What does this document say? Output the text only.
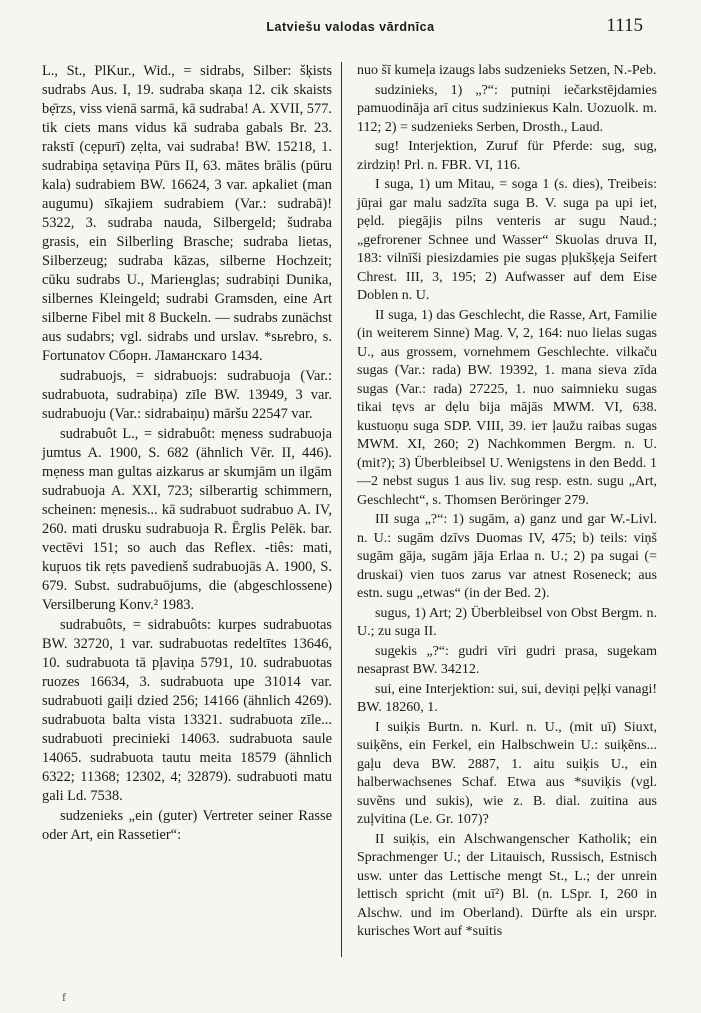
Latviešu valodas vārdnīca	1115

L., St., PlKur., Wid., = sidrabs, Silber: šķists sudrabs Aus. I, 19. sudraba skaņa 12. cik skaists bẹ̄rzs, viss vienā sarmā, kā sudraba! A. XVII, 577. tik ciets mans vidus kā sudraba gabals Br. 23. rakstī (cẹpurī) zẹlta, vai sudraba! BW. 15218, 1. sudrabiņa sẹtaviņa Pūrs II, 63. mātes brālis (pūru kala) sudrabiem BW. 16624, 3 var. apkaliet (man augumu) sīkajiem sudrabiem (Var.: sudrabā)! 5322, 3. sudraba nauda, Silbergeld; šudraba grasis, ein Silberling Brasche; sudraba lietas, Silberzeug; sudraba kāzas, silberne Hochzeit; cūku sudrabs U., Mariенglas; sudrabiņi Dunika, silbernes Kleingeld; sudrabi Gramsden, eine Art silberne Fibel mit 8 Buckeln. — sudrabs zunächst aus sudabrs; vgl. sidrabs und urslav. *sьrebro, s. Fortunatov Сборн. Ламанскаго 1434.

sudrabuojs, = sidrabuojs: sudrabuoja (Var.: sudrabuota, sudrabiņa) zīle BW. 13949, 3 var. sudrabuoju (Var.: sidrabaiņu) māršu 22547 var.

sudrabuôt L., = sidrabuôt: mẹness sudrabuoja jumtus A. 1900, S. 682 (ähnlich Vēr. II, 446). mẹness man gultas aizkarus ar skumjām un ilgām sudrabuoja A. XXI, 723; silberartig schimmern, scheinen: mẹnesis... kā sudrabuot sudrabuo A. IV, 260. mati drusku sudrabuoja R. Ērglis Pelēk. bar. vectēvi 151; so auch das Reflex. -tiês: mati, kuŗuos tik rẹts pavedienš sudrabuojās A. 1900, S. 679. Subst. sudrabuōjums, die (abgeschlossene) Versilberung Konv.² 1983.

sudrabuôts, = sidrabuôts: kurpes sudrabuotas BW. 32720, 1 var. sudrabuotas redeltītes 13646, 10. sudrabuota tā pļaviņa 5791, 10. sudrabuotas ruozes 16634, 3. sudrabuota upe 31014 var. sudrabuoti gaiļi dzied 256; 14166 (ähnlich 4269). sudrabuota balta vista 13321. sudrabuota zīle... sudrabuoti precinieki 14063. sudrabuota saule 14065. sudrabuota tautu meita 18579 (ähnlich 6322; 11368; 12302, 4; 32879). sudrabuoti matu gali Ld. 7538.

sudzenieks „ein (guter) Vertreter seiner Rasse oder Art, ein Rassetier“:

nuo šī kumeļa izaugs labs sudzenieks Setzen, N.-Peb.

sudzinieks, 1) „?“: putniņi iečarkstējdamies pamuodināja arī citus sudzinieкus Kaln. Uozuolk. m. 112; 2) = sudzenieks Serben, Drosth., Laud.

sug! Interjektion, Zuruf für Pferde: sug, sug, zirdziņ! Prl. n. FBR. VI, 116.

I suga, 1) um Mitau, = soga 1 (s. dies), Treibeis: jūŗai gar malu sadzīta suga B. V. suga pa upi iet, pẹld. piegājis pilns venteris ar sugu Naud.; „gefrorener Schnee und Wasser“ Skuolas druva II, 183: vilnīši piesizdamies pie sugas pļukšķẹja Seifert Chrest. III, 3, 195; 2) Aufwasser auf dem Eise Doblen n. U.

II suga, 1) das Geschlecht, die Rasse, Art, Familie (in weiterem Sinne) Mag. V, 2, 164: nuo lielas sugas U., aus grossem, vornehmem Geschlechte. vilkaču sugas (Var.: rada) BW. 19392, 1. mana sieva zīda sugas (Var.: rada) 27225, 1. nuo saimnieku sugas tikai tẹvs ar dẹlu bija mājās MWM. VI, 638. kustuoņu suga SDP. VIII, 39. ieт ļaužu raibas sugas MWM. XI, 260; 2) Nachkommen Bergm. n. U. (mit?); 3) Überbleibsel U. Wenigstens in den Bedd. 1—2 nebst sugus 1 aus liv. sug resp. estn. sugu „Art, Geschlecht“, s. Thomsen Beröringer 279.

III suga „?“: 1) sugām, a) ganz und gar W.-Livl. n. U.: sugām dzīvs Duomas IV, 475; b) teils: viņš sugām gāja, sugām jāja Erlaa n. U.; 2) pa sugai (= druskai) vien tuos zarus var atnest Roseneck; aus estn. sugu „etwas“ (in der Bed. 2).

sugus, 1) Art; 2) Überbleibsel von Obst Bergm. n. U.; zu suga II.

sug̨ekis „?“: gudri vīri gudri prasa, sug̨ekam nesaprast BW. 34212.

sui, eine Interjektion: sui, sui, deviņi pẹļķi vanagi! BW. 18260, 1.

I suiķis Burtn. n. Kurl. n. U., (mit uī) Siuxt, suiķẽns, ein Ferkel, ein Halbschwein U.: suiķẽns... gaļu deva BW. 2887, 1. aitu suiķis U., ein halberwachsenes Schaf. Etwa aus *suviķis (vgl. suvẽns und sukis), wie z. B. dial. zuitina aus zuļvitina (Le. Gr. 107)?

II suiķis, ein Alschwangenscher Katholik; ein Sprachmenger U.; der Litauisch, Russisch, Estnisch usw. unter das Lettische mengt St., L.; der unrein lettisch spricht (mit uī²) Bl. (n. LSpr. I, 260 in Alschw. und im Oberland). Dürfte als ein urspr. kurisches Wort auf *suitis

f
